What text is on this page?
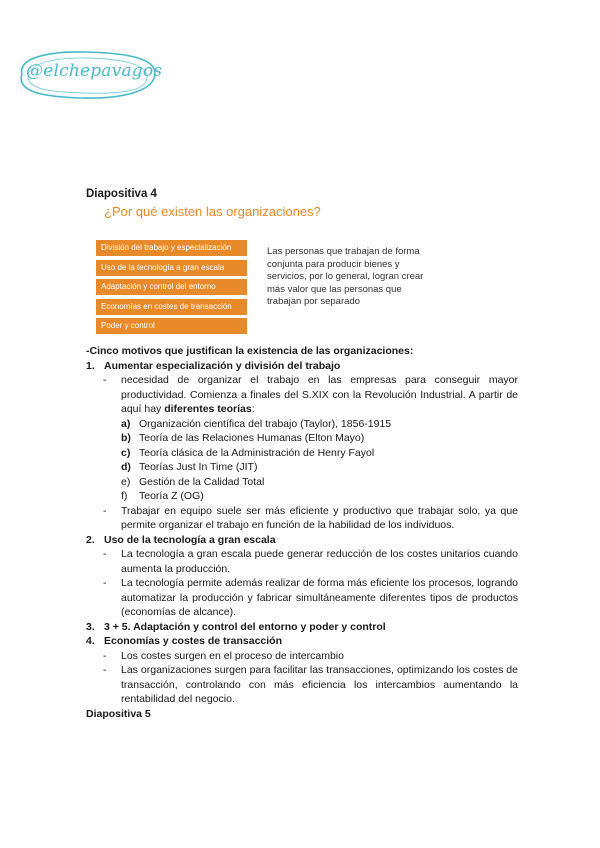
@elchepavagos
Diapositiva 4
¿Por qué existen las organizaciones?
División del trabajo y especialización
Uso de la tecnología a gran escala
Adaptación y control del entorno
Economías en costes de transacción
Poder y control
Las personas que trabajan de forma conjunta para producir bienes y servicios, por lo general, logran crear más valor que las personas que trabajan por separado

-Cinco motivos que justifican la existencia de las organizaciones:

1. Aumentar especialización y división del trabajo
- necesidad de organizar el trabajo en las empresas para conseguir mayor productividad. Comienza a finales del S.XIX con la Revolución Industrial. A partir de aquí hay diferentes teorías:
a) Organización científica del trabajo (Taylor), 1856-1915
b) Teoría de las Relaciones Humanas (Elton Mayo)
c) Teoría clásica de la Administración de Henry Fayol
d) Teorías Just In Time (JIT)
e) Gestión de la Calidad Total
f) Teoría Z (OG)
- Trabajar en equipo suele ser más eficiente y productivo que trabajar solo, ya que permite organizar el trabajo en función de la habilidad de los individuos.
2. Uso de la tecnología a gran escala
- La tecnología a gran escala puede generar reducción de los costes unitarios cuando aumenta la producción.
- La tecnología permite además realizar de forma más eficiente los procesos, logrando automatizar la producción y fabricar simultáneamente diferentes tipos de productos (economías de alcance).
3. 3 + 5. Adaptación y control del entorno y poder y control
4. Economías y costes de transacción
- Los costes surgen en el proceso de intercambio
- Las organizaciones surgen para facilitar las transacciones, optimizando los costes de transacción, controlando con más eficiencia los intercambios aumentando la rentabilidad del negocio.

Diapositiva 5
